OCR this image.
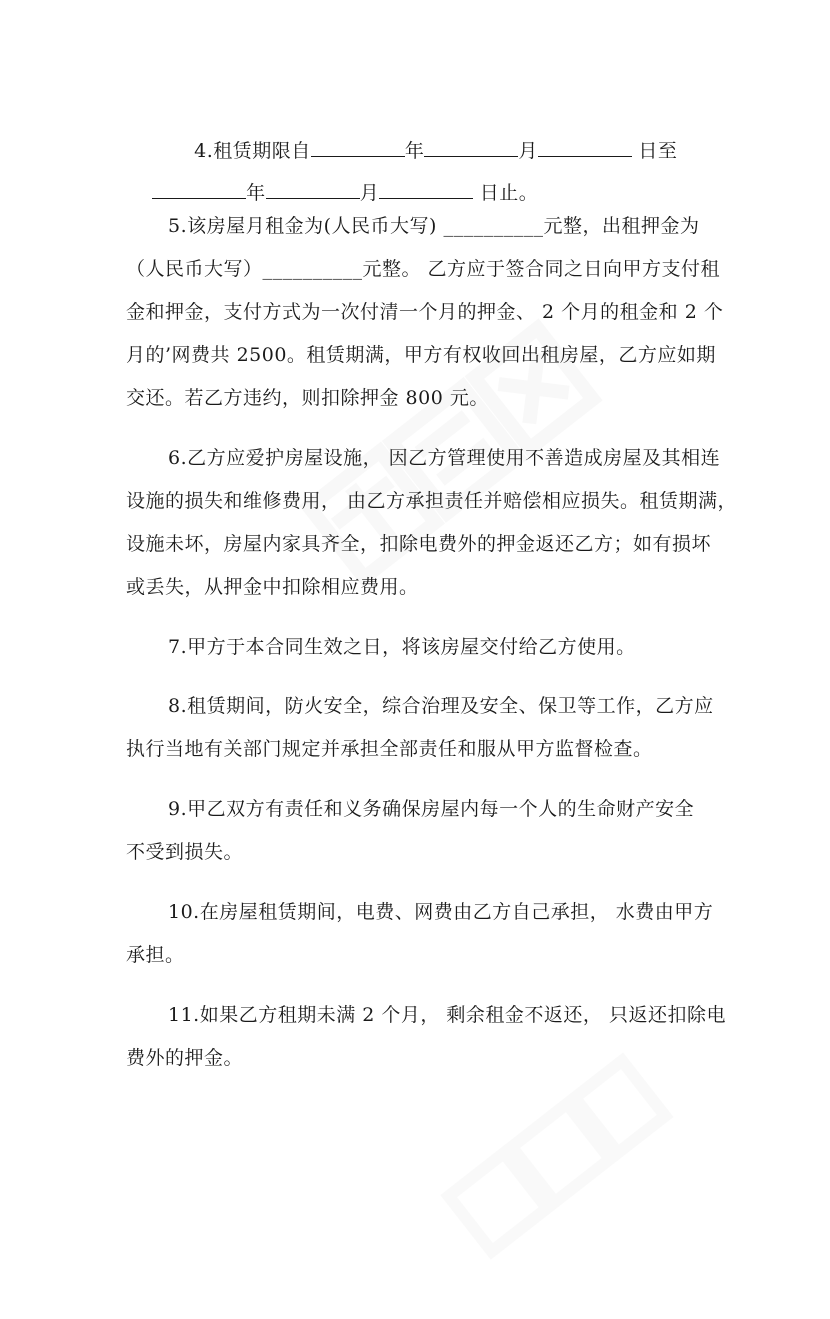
4.租赁期限自	年	月	日至

年	月	日止。

5.该房屋月租金为(人民币大写) __________元整，出租押金为
（人民币大写）__________元整。 乙方应于签合同之日向甲方支付租
金和押金，支付方式为一次付清一个月的押金、 2 个月的租金和 2 个
月的’网费共 2500。租赁期满，甲方有权收回出租房屋，乙方应如期
交还。若乙方违约，则扣除押金 800 元。
6.乙方应爱护房屋设施， 因乙方管理使用不善造成房屋及其相连
设施的损失和维修费用， 由乙方承担责任并赔偿相应损失。租赁期满，
设施未坏，房屋内家具齐全，扣除电费外的押金返还乙方；如有损坏
或丢失，从押金中扣除相应费用。
7.甲方于本合同生效之日，将该房屋交付给乙方使用。
8.租赁期间，防火安全，综合治理及安全、保卫等工作，乙方应
执行当地有关部门规定并承担全部责任和服从甲方监督检查。
9.甲乙双方有责任和义务确保房屋内每一个人的生命财产安全
不受到损失。
10.在房屋租赁期间，电费、网费由乙方自己承担， 水费由甲方
承担。
11.如果乙方租期未满 2 个月， 剩余租金不返还， 只返还扣除电
费外的押金。
